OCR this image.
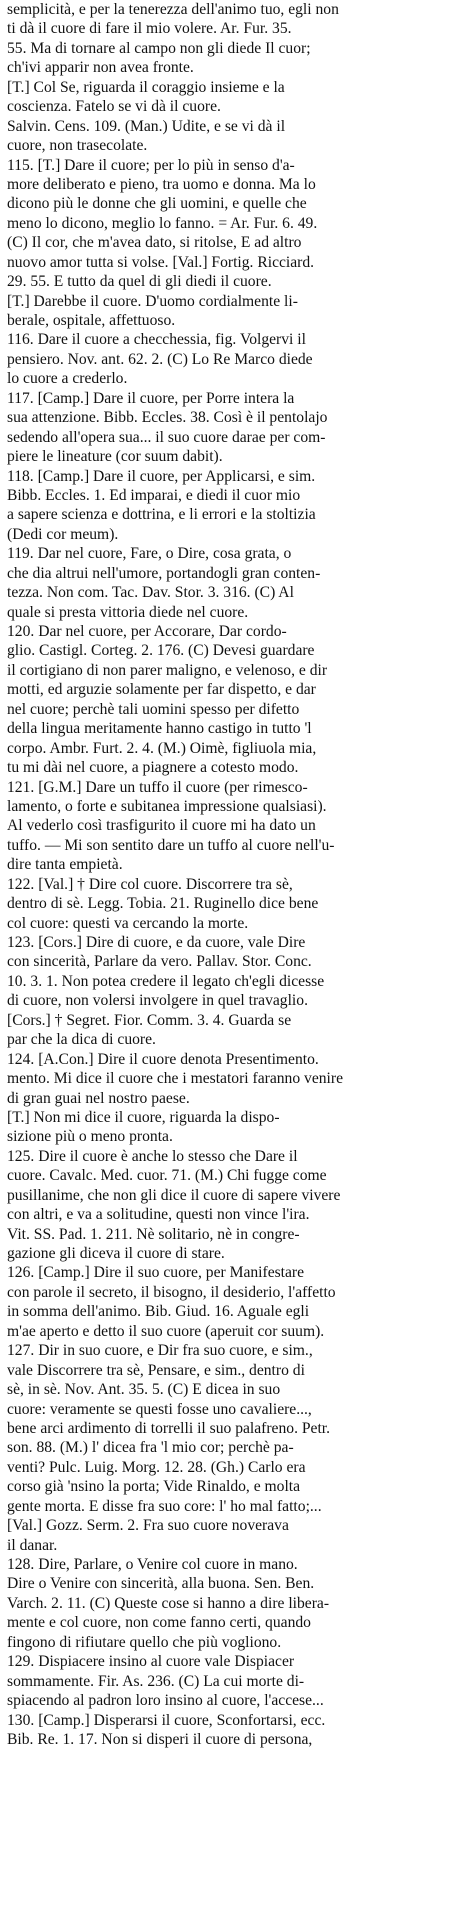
semplicità, e per la tenerezza dell'animo tuo, egli non
ti dà il cuore di fare il mio volere. Ar. Fur. 35.
55. Ma di tornare al campo non gli diede Il cuor;
ch'ivi apparir non avea fronte.
[T.] Col Se, riguarda il coraggio insieme e la
coscienza. Fatelo se vi dà il cuore.
Salvin. Cens. 109. (Man.) Udite, e se vi dà il
cuore, non trasecolate.
115. [T.] Dare il cuore; per lo più in senso d'a-
more deliberato e pieno, tra uomo e donna. Ma lo
dicono più le donne che gli uomini, e quelle che
meno lo dicono, meglio lo fanno. = Ar. Fur. 6. 49.
(C) Il cor, che m'avea dato, si ritolse, E ad altro
nuovo amor tutta si volse. [Val.] Fortig. Ricciard.
29. 55. E tutto da quel di gli diedi il cuore.
[T.] Darebbe il cuore. D'uomo cordialmente li-
berale, ospitale, affettuoso.
116. Dare il cuore a checchessia, fig. Volgervi il
pensiero. Nov. ant. 62. 2. (C) Lo Re Marco diede
lo cuore a crederlo.
117. [Camp.] Dare il cuore, per Porre intera la
sua attenzione. Bibb. Eccles. 38. Così è il pentolajo
sedendo all'opera sua... il suo cuore darae per com-
piere le lineature (cor suum dabit).
118. [Camp.] Dare il cuore, per Applicarsi, e sim.
Bibb. Eccles. 1. Ed imparai, e diedi il cuor mio
a sapere scienza e dottrina, e li errori e la stoltizia
(Dedi cor meum).
119. Dar nel cuore, Fare, o Dire, cosa grata, o
che dia altrui nell'umore, portandogli gran conten-
tezza. Non com. Tac. Dav. Stor. 3. 316. (C) Al
quale si presta vittoria diede nel cuore.
120. Dar nel cuore, per Accorare, Dar cordo-
glio. Castigl. Corteg. 2. 176. (C) Devesi guardare
il cortigiano di non parer maligno, e velenoso, e dir
motti, ed arguzie solamente per far dispetto, e dar
nel cuore; perchè tali uomini spesso per difetto
della lingua meritamente hanno castigo in tutto 'l
corpo. Ambr. Furt. 2. 4. (M.) Oimè, figliuola mia,
tu mi dài nel cuore, a piagnere a cotesto modo.
121. [G.M.] Dare un tuffo il cuore (per rimesco-
lamento, o forte e subitanea impressione qualsiasi).
Al vederlo così trasfigurito il cuore mi ha dato un
tuffo. — Mi son sentito dare un tuffo al cuore nell'u-
dire tanta empietà.
122. [Val.] † Dire col cuore. Discorrere tra sè,
dentro di sè. Legg. Tobia. 21. Ruginello dice bene
col cuore: questi va cercando la morte.
123. [Cors.] Dire di cuore, e da cuore, vale Dire
con sincerità, Parlare da vero. Pallav. Stor. Conc.
10. 3. 1. Non potea credere il legato ch'egli dicesse
di cuore, non volersi involgere in quel travaglio.
[Cors.] † Segret. Fior. Comm. 3. 4. Guarda se
par che la dica di cuore.
124. [A.Con.] Dire il cuore denota Presentimento.
mento. Mi dice il cuore che i mestatori faranno venire
di gran guai nel nostro paese.
[T.] Non mi dice il cuore, riguarda la dispo-
sizione più o meno pronta.
125. Dire il cuore è anche lo stesso che Dare il
cuore. Cavalc. Med. cuor. 71. (M.) Chi fugge come
pusillanime, che non gli dice il cuore di sapere vivere
con altri, e va a solitudine, questi non vince l'ira.
Vit. SS. Pad. 1. 211. Nè solitario, nè in congre-
gazione gli diceva il cuore di stare.
126. [Camp.] Dire il suo cuore, per Manifestare
con parole il secreto, il bisogno, il desiderio, l'affetto
in somma dell'animo. Bib. Giud. 16. Aguale egli
m'ae aperto e detto il suo cuore (aperuit cor suum).
127. Dir in suo cuore, e Dir fra suo cuore, e sim.,
vale Discorrere tra sè, Pensare, e sim., dentro di
sè, in sè. Nov. Ant. 35. 5. (C) E dicea in suo
cuore: veramente se questi fosse uno cavaliere...,
bene arci ardimento di torrelli il suo palafreno. Petr.
son. 88. (M.) l' dicea fra 'l mio cor; perchè pa-
venti? Pulc. Luig. Morg. 12. 28. (Gh.) Carlo era
corso già 'nsino la porta; Vide Rinaldo, e molta
gente morta. E disse fra suo core: l' ho mal fatto;...
[Val.] Gozz. Serm. 2. Fra suo cuore noverava
il danar.
128. Dire, Parlare, o Venire col cuore in mano.
Dire o Venire con sincerità, alla buona. Sen. Ben.
Varch. 2. 11. (C) Queste cose si hanno a dire libera-
mente e col cuore, non come fanno certi, quando
fingono di rifiutare quello che più vogliono.
129. Dispiacere insino al cuore vale Dispiacer
sommamente. Fir. As. 236. (C) La cui morte di-
spiacendo al padron loro insino al cuore, l'accese...
130. [Camp.] Disperarsi il cuore, Sconfortarsi, ecc.
Bib. Re. 1. 17. Non si disperi il cuore di persona,
